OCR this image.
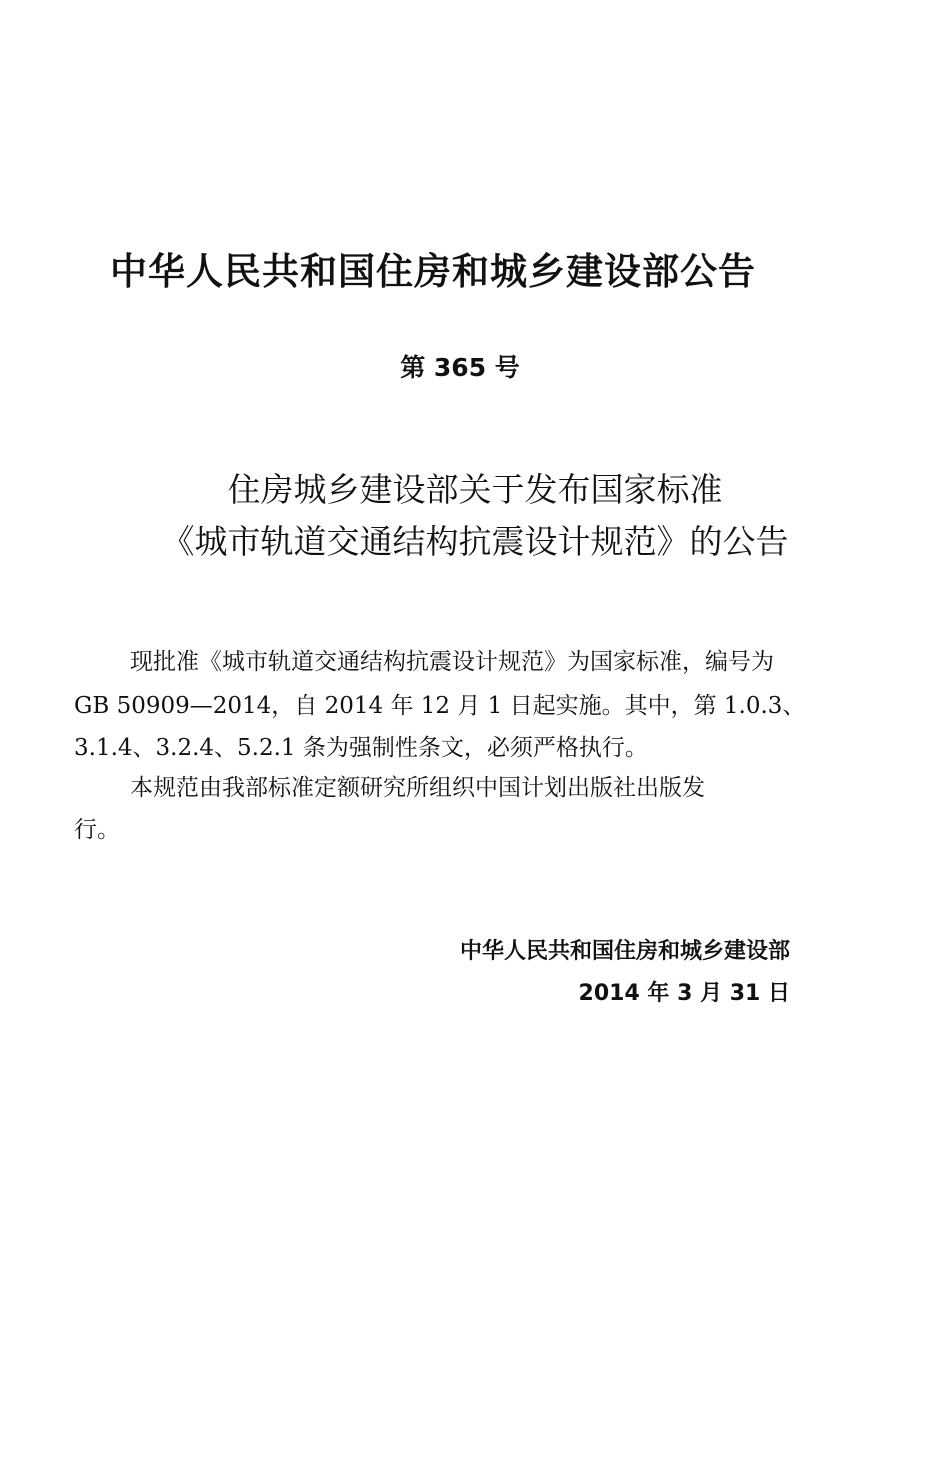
中华人民共和国住房和城乡建设部公告
第 365 号
住房城乡建设部关于发布国家标准
《城市轨道交通结构抗震设计规范》的公告
现批准《城市轨道交通结构抗震设计规范》为国家标准，编号为
GB 50909—2014，自 2014 年 12 月 1 日起实施。其中，第 1.0.3、
3.1.4、3.2.4、5.2.1 条为强制性条文，必须严格执行。
本规范由我部标准定额研究所组织中国计划出版社出版发
行。
中华人民共和国住房和城乡建设部
2014 年 3 月 31 日
